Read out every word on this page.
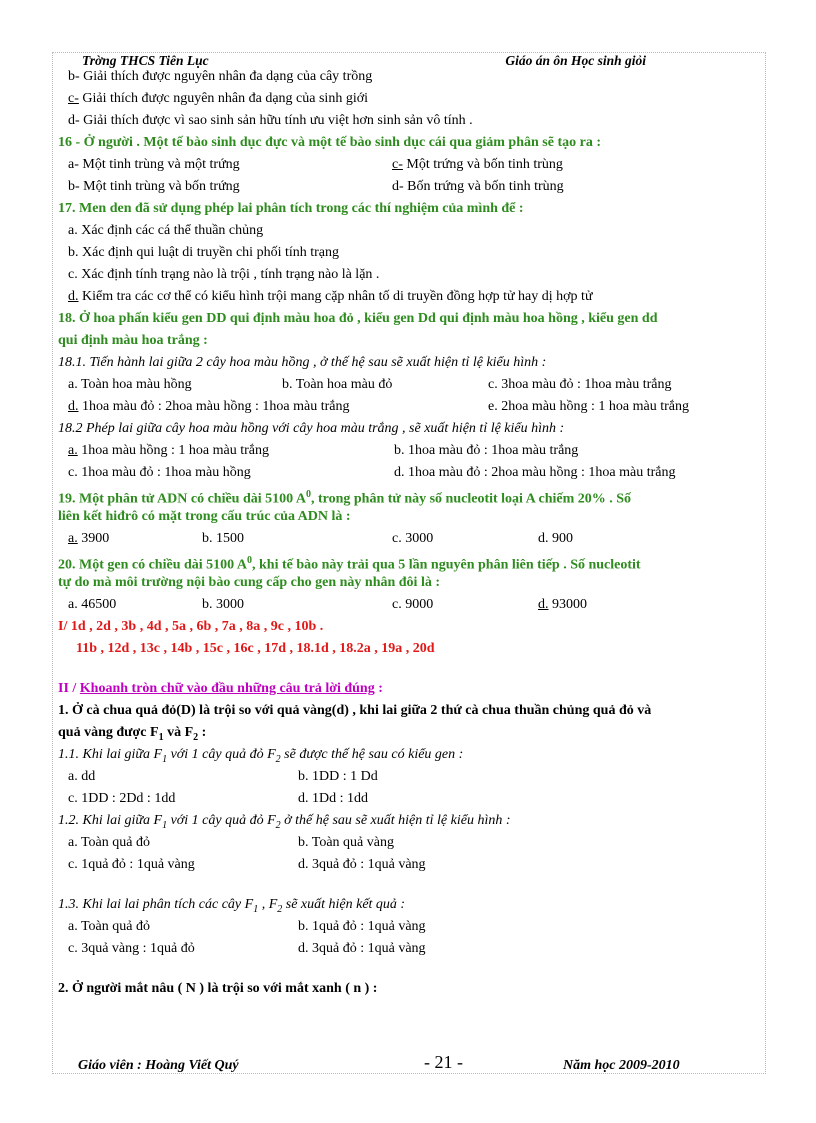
Trờng THCS Tiên Lục	Giáo án ôn Học sinh giỏi
b- Giải thích được nguyên nhân đa dạng của cây trồng
c- Giải thích được nguyên nhân đa dạng của sinh giới
d- Giải thích được vì sao sinh sản hữu tính ưu việt hơn sinh sản vô tính .
16 - Ở người . Một tế bào sinh dục đực và một tế bào sinh dục cái qua giảm phân sẽ tạo ra :
a- Một tinh trùng và một trứng	c- Một trứng và bốn tinh trùng
b- Một tinh trùng và bốn trứng	d- Bốn trứng và bốn tinh trùng
17. Men den đã sử dụng phép lai phân tích trong các thí nghiệm của mình để :
a. Xác định các cá thể thuần chủng
b. Xác định qui luật di truyền chi phối tính trạng
c. Xác định tính trạng nào là trội , tính trạng nào là lặn .
d. Kiểm tra các cơ thể có kiểu hình trội mang cặp nhân tố di truyền đồng hợp tử hay dị hợp tử
18. Ở hoa phấn kiểu gen DD qui định màu hoa đỏ , kiểu gen Dd qui định màu hoa hồng , kiểu gen dd
qui định màu hoa trắng :
18.1. Tiến hành lai giữa 2 cây hoa màu hồng , ở thế hệ sau sẽ xuất hiện tỉ lệ kiểu hình :
a. Toàn hoa màu hồng	b. Toàn hoa màu đỏ	c. 3hoa màu đỏ : 1hoa màu trắng
d. 1hoa màu đỏ : 2hoa màu hồng : 1hoa màu trắng	e. 2hoa màu hồng : 1 hoa màu trắng
18.2 Phép lai giữa cây hoa màu hồng với cây hoa màu trắng , sẽ xuất hiện tỉ lệ kiểu hình :
a. 1hoa màu hồng : 1 hoa màu trắng	b. 1hoa màu đỏ : 1hoa màu trắng
c. 1hoa màu đỏ : 1hoa màu hồng	d. 1hoa màu đỏ : 2hoa màu hồng : 1hoa màu trắng
19. Một phân tử ADN có chiều dài 5100 $A^0$, trong phân tử này số nucleotit loại A chiếm 20% . Số
liên kết hiđrô có mặt trong cấu trúc của ADN là :
a. 3900	b. 1500	c. 3000	d. 900
20. Một gen có chiều dài 5100 $A^0$, khi tế bào này trải qua 5 lần nguyên phân liên tiếp . Số nucleotit
tự do mà môi trường nội bào cung cấp cho gen này nhân đôi là :
a. 46500	b. 3000	c. 9000	d. 93000
I/ 1d , 2d , 3b , 4d , 5a , 6b , 7a , 8a , 9c , 10b .
11b , 12d , 13c , 14b , 15c , 16c , 17d , 18.1d , 18.2a , 19a , 20d
II / Khoanh tròn chữ vào đầu những câu trả lời đúng :
1. Ở cà chua quả đỏ(D) là trội so với quả vàng(d) , khi lai giữa 2 thứ cà chua thuần chủng quả đỏ và
quả vàng được $F_1$ và $F_2$ :
1.1. Khi lai giữa $F_1$ với 1 cây quả đỏ $F_2$ sẽ được thế hệ sau có kiểu gen :
a. dd	b. 1DD : 1 Dd
c. 1DD : 2Dd : 1dd	d. 1Dd : 1dd
1.2. Khi lai giữa $F_1$ với 1 cây quả đỏ $F_2$ ở thế hệ sau sẽ xuất hiện tỉ lệ kiểu hình :
a. Toàn quả đỏ	b. Toàn quả vàng
c. 1quả đỏ : 1quả vàng	d. 3quả đỏ : 1quả vàng
1.3. Khi lai lai phân tích các cây $F_1$ , $F_2$ sẽ xuất hiện kết quả :
a. Toàn quả đỏ	b. 1quả đỏ : 1quả vàng
c. 3quả vàng : 1quả đỏ	d. 3quả đỏ : 1quả vàng
2. Ở người mắt nâu ( N ) là trội so với mắt xanh ( n ) :
Giáo viên : Hoàng Viết Quý	- 21 -	Năm học 2009-2010
